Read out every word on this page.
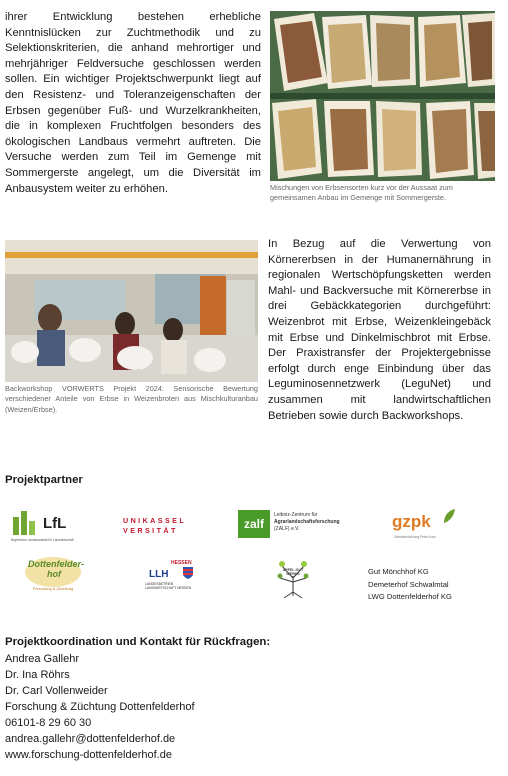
ihrer Entwicklung bestehen erhebliche Kenntnislücken zur Zuchtmethodik und zu Selektionskriterien, die anhand mehrortiger und mehrjähriger Feldversuche geschlossen werden sollen. Ein wichtiger Projektschwerpunkt liegt auf den Resistenz- und Toleranzeigenschaften der Erbsen gegenüber Fuß- und Wurzelkrankheiten, die in komplexen Fruchtfolgen besonders des ökologischen Landbaus vermehrt auftreten. Die Versuche werden zum Teil im Gemenge mit Sommergerste angelegt, um die Diversität im Anbausystem weiter zu erhöhen.	Mischungen von Erbsensorten kurz vor der Aussaat zum gemeinsamen Anbau im Gemenge mit Sommergerste.
Backworkshop VORWERTS Projekt 2024: Sensorische Bewertung verschiedener Anteile von Erbse in Weizenbroten aus Mischkulturanbau (Weizen/Erbse).
In Bezug auf die Verwertung von Körnererbsen in der Humanernährung in regionalen Wertschöpfungsketten werden Mahl- und Backversuche mit Körnererbse in drei Gebäckkategorien durchgeführt: Weizenbrot mit Erbse, Weizenkleingebäck mit Erbse und Dinkelmischbrot mit Erbse. Der Praxistransfer der Projektergebnisse erfolgt durch enge Einbindung über das Leguminosennetzwerk (LeguNet) und zusammen mit landwirtschaftlichen Betrieben sowie durch Backworkshops.
Projektpartner
LfL
Bayerische Landesanstalt für Landwirtschaft
UNIKASSEL
VERSITÄT	zalf
Leibniz-Zentrum für
Agrarlandschaftsforschung
(ZALF) e.V.	gzpk
Getreidezüchtung Peter Kunz
Dottenfelder-
hof
Forschung & Züchtung
HESSEN
LLH
LANDESBETRIEB
LANDWIRTSCHAFT HESSEN
APFEL:GUT
WERKS	Gut Mönchhof KG
Demeterhof Schwalmtal
LWG Dottenfelderhof KG
Projektkoordination und Kontakt für Rückfragen:
Andrea Gallehr
Dr. Ina Röhrs
Dr. Carl Vollenweider
Forschung & Züchtung Dottenfelderhof
06101-8 29 60 30
andrea.gallehr@dottenfelderhof.de
www.forschung-dottenfelderhof.de
